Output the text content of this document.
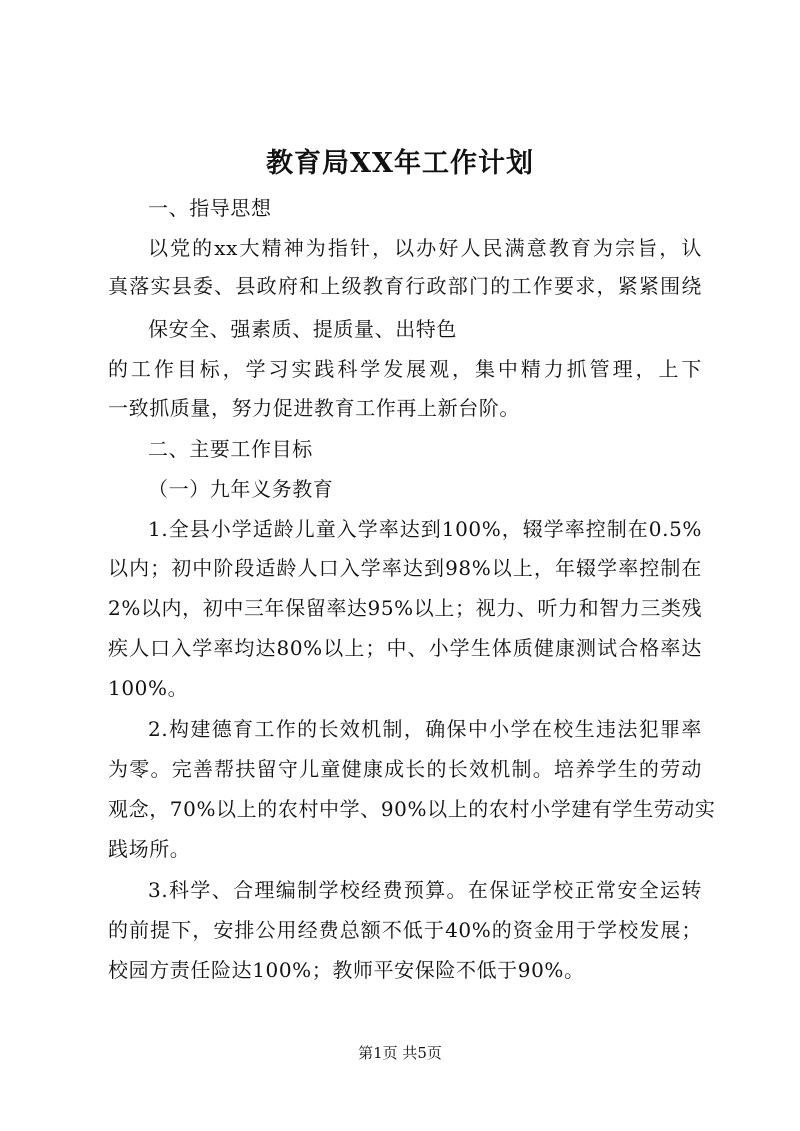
教育局XX年工作计划
一、指导思想
以党的xx大精神为指针，以办好人民满意教育为宗旨，认
真落实县委、县政府和上级教育行政部门的工作要求，紧紧围绕
保安全、强素质、提质量、出特色
的工作目标，学习实践科学发展观，集中精力抓管理，上下
一致抓质量，努力促进教育工作再上新台阶。
二、主要工作目标
（一）九年义务教育
1.全县小学适龄儿童入学率达到100%，辍学率控制在0.5%
以内；初中阶段适龄人口入学率达到98%以上，年辍学率控制在
2%以内，初中三年保留率达95%以上；视力、听力和智力三类残
疾人口入学率均达80%以上；中、小学生体质健康测试合格率达
100%。
2.构建德育工作的长效机制，确保中小学在校生违法犯罪率
为零。完善帮扶留守儿童健康成长的长效机制。培养学生的劳动
观念，70%以上的农村中学、90%以上的农村小学建有学生劳动实
践场所。
3.科学、合理编制学校经费预算。在保证学校正常安全运转
的前提下，安排公用经费总额不低于40%的资金用于学校发展；
校园方责任险达100%；教师平安保险不低于90%。
第1页 共5页
